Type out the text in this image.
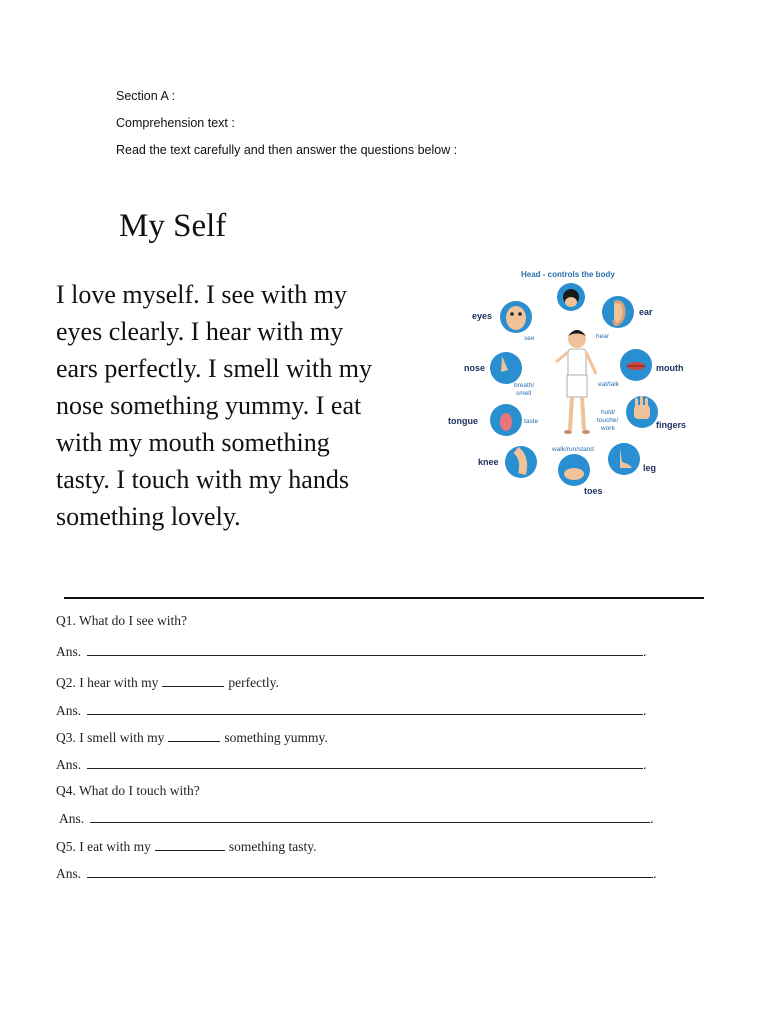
Section A :
Comprehension text :
Read the text carefully and then answer the questions below :
My Self
I love myself. I see with my
eyes clearly. I hear with my
ears perfectly. I smell with my
nose something yummy. I eat
with my mouth something
tasty. I touch with my hands
something lovely.
Head - controls the body
eyes	ear
nose	mouth
tongue	fingers
knee
leg
toes
see	hear
breath/
smell
eat/talk
taste
hold/
touche/
work
walk/run/stand
Q1. What do I see with?
Ans.	.
Q2. I hear with my	perfectly.
Ans.	.
Q3. I smell with my	something yummy.
Ans.	.
Q4. What do I touch with?
Ans.	.
Q5. I eat with my	something tasty.
Ans.	.
